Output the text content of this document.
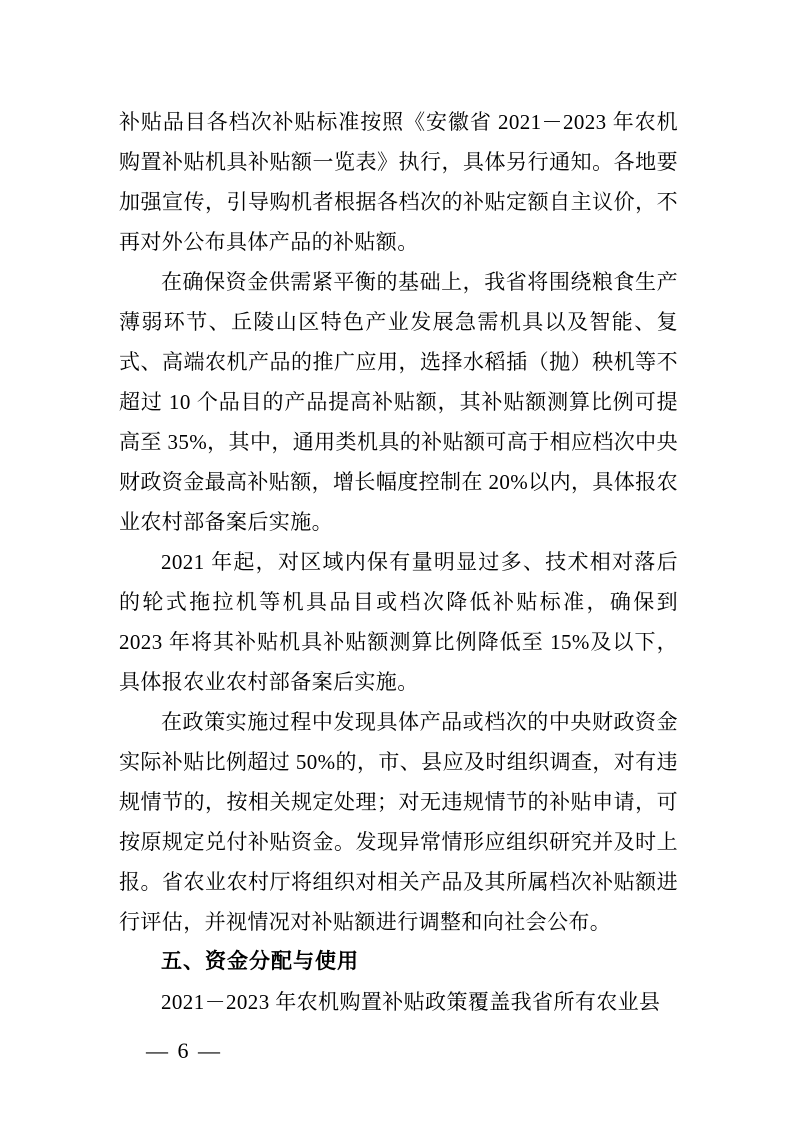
补贴品目各档次补贴标准按照《安徽省 2021－2023 年农机购置补贴机具补贴额一览表》执行，具体另行通知。各地要加强宣传，引导购机者根据各档次的补贴定额自主议价，不再对外公布具体产品的补贴额。

在确保资金供需紧平衡的基础上，我省将围绕粮食生产薄弱环节、丘陵山区特色产业发展急需机具以及智能、复式、高端农机产品的推广应用，选择水稻插（抛）秧机等不超过 10 个品目的产品提高补贴额，其补贴额测算比例可提高至 35%，其中，通用类机具的补贴额可高于相应档次中央财政资金最高补贴额，增长幅度控制在 20%以内，具体报农业农村部备案后实施。

2021 年起，对区域内保有量明显过多、技术相对落后的轮式拖拉机等机具品目或档次降低补贴标准，确保到 2023 年将其补贴机具补贴额测算比例降低至 15%及以下，具体报农业农村部备案后实施。

在政策实施过程中发现具体产品或档次的中央财政资金实际补贴比例超过 50%的，市、县应及时组织调查，对有违规情节的，按相关规定处理；对无违规情节的补贴申请，可按原规定兑付补贴资金。发现异常情形应组织研究并及时上报。省农业农村厅将组织对相关产品及其所属档次补贴额进行评估，并视情况对补贴额进行调整和向社会公布。

五、资金分配与使用

2021－2023 年农机购置补贴政策覆盖我省所有农业县

— 6 —
